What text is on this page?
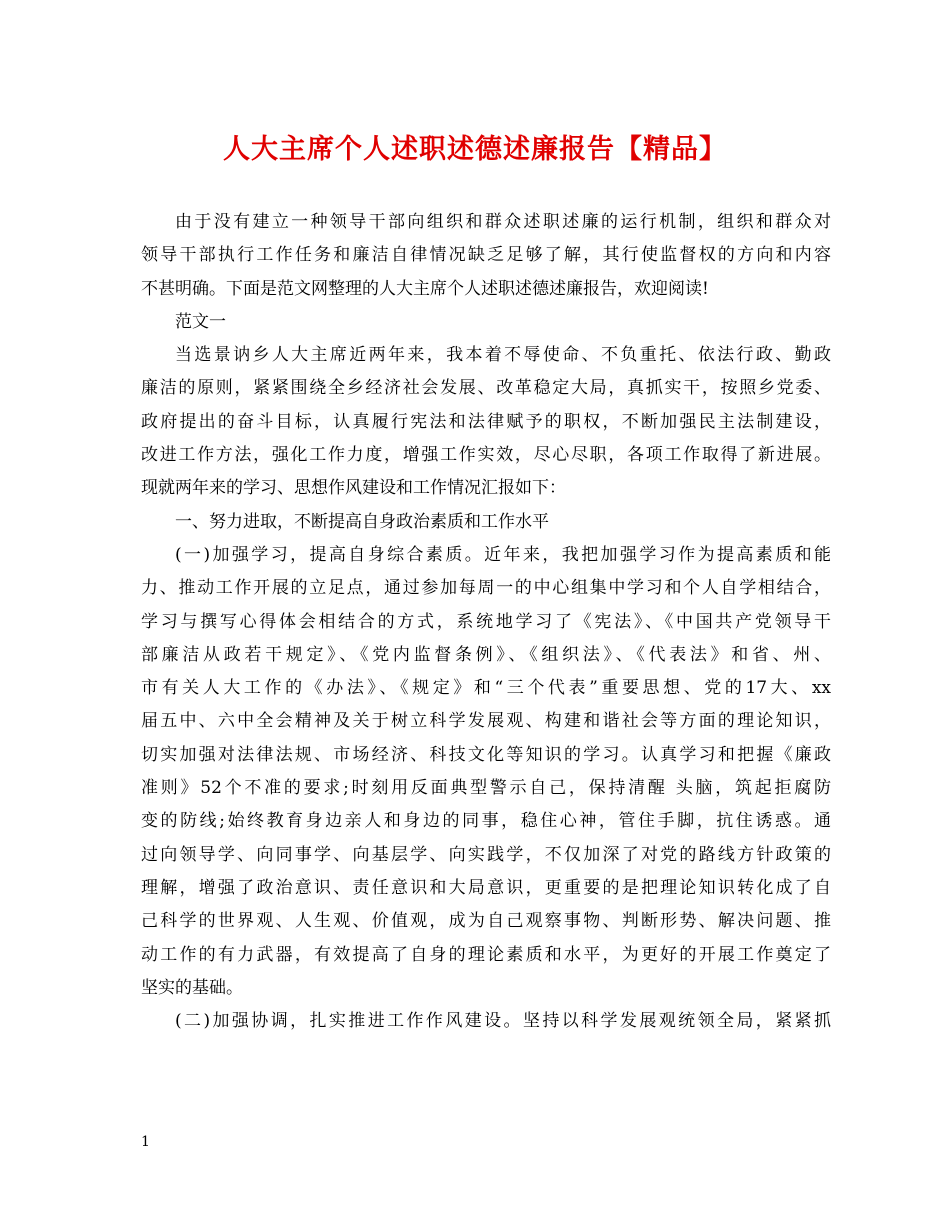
人大主席个人述职述德述廉报告【精品】
由于没有建立一种领导干部向组织和群众述职述廉的运行机制，组织和群众对
领导干部执行工作任务和廉洁自律情况缺乏足够了解，其行使监督权的方向和内容
不甚明确。下面是范文网整理的人大主席个人述职述德述廉报告，欢迎阅读!
范文一
当选景讷乡人大主席近两年来，我本着不辱使命、不负重托、依法行政、勤政
廉洁的原则，紧紧围绕全乡经济社会发展、改革稳定大局，真抓实干，按照乡党委、
政府提出的奋斗目标，认真履行宪法和法律赋予的职权，不断加强民主法制建设，
改进工作方法，强化工作力度，增强工作实效，尽心尽职，各项工作取得了新进展。
现就两年来的学习、思想作风建设和工作情况汇报如下：
一、努力进取，不断提高自身政治素质和工作水平
(一)加强学习，提高自身综合素质。近年来，我把加强学习作为提高素质和能
力、推动工作开展的立足点，通过参加每周一的中心组集中学习和个人自学相结合，
学习与撰写心得体会相结合的方式，系统地学习了《宪法》、《中国共产党领导干
部廉洁从政若干规定》、《党内监督条例》、《组织法》、《代表法》和省、州、
市有关人大工作的《办法》、《规定》和“三个代表”重要思想、党的17大、xx
届五中、六中全会精神及关于树立科学发展观、构建和谐社会等方面的理论知识，
切实加强对法律法规、市场经济、科技文化等知识的学习。认真学习和把握《廉政
准则》52个不准的要求;时刻用反面典型警示自己，保持清醒 头脑，筑起拒腐防
变的防线;始终教育身边亲人和身边的同事，稳住心神，管住手脚，抗住诱惑。通
过向领导学、向同事学、向基层学、向实践学，不仅加深了对党的路线方针政策的
理解，增强了政治意识、责任意识和大局意识，更重要的是把理论知识转化成了自
己科学的世界观、人生观、价值观，成为自己观察事物、判断形势、解决问题、推
动工作的有力武器，有效提高了自身的理论素质和水平，为更好的开展工作奠定了
坚实的基础。
(二)加强协调，扎实推进工作作风建设。坚持以科学发展观统领全局，紧紧抓
1
